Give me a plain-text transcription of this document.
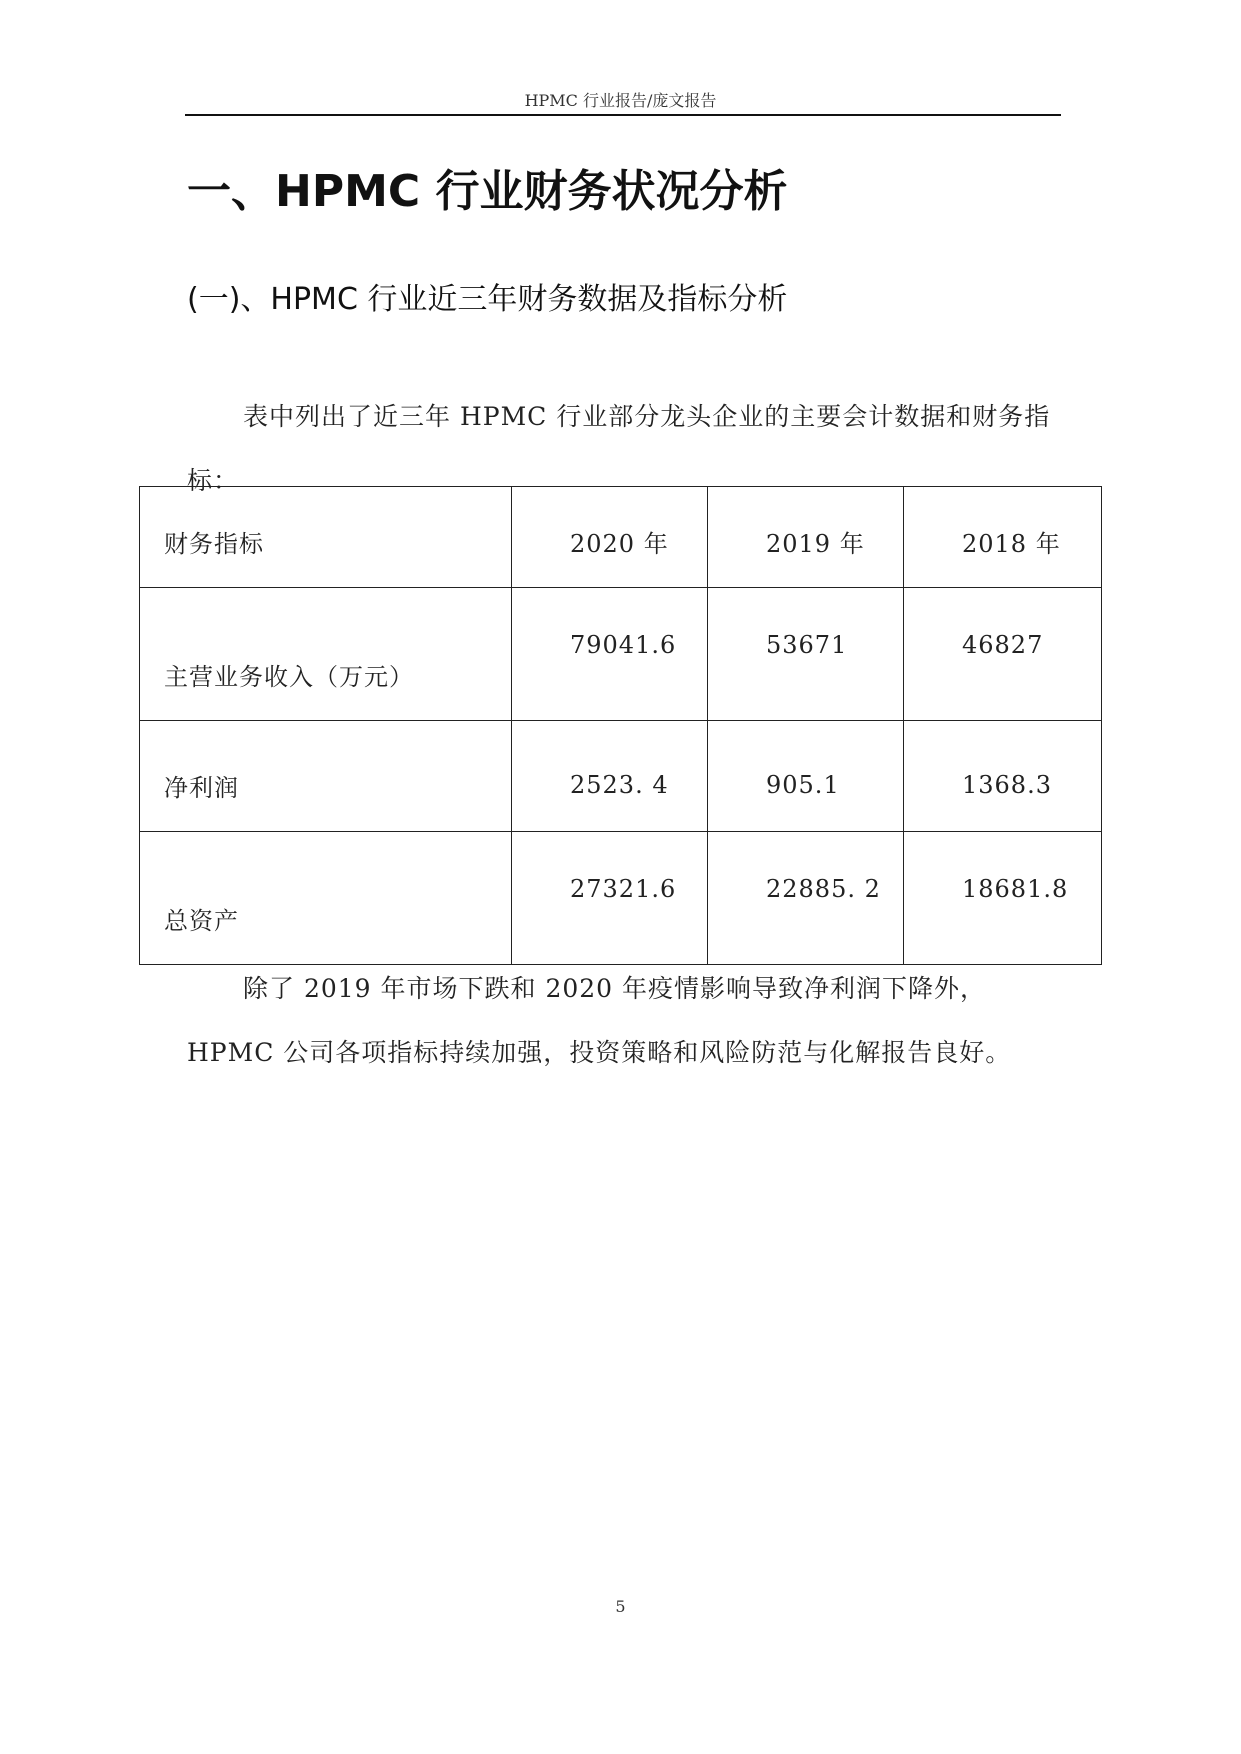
HPMC 行业报告/庞文报告
一、HPMC 行业财务状况分析
(一)、HPMC 行业近三年财务数据及指标分析

表中列出了近三年 HPMC 行业部分龙头企业的主要会计数据和财务指标：

财务指标	2020 年	2019 年	2018 年
主营业务收入（万元）	79041.6	53671	46827
净利润	2523. 4	905.1	1368.3
总资产	27321.6	22885. 2	18681.8

除了 2019 年市场下跌和 2020 年疫情影响导致净利润下降外，HPMC 公司各项指标持续加强，投资策略和风险防范与化解报告良好。

5
